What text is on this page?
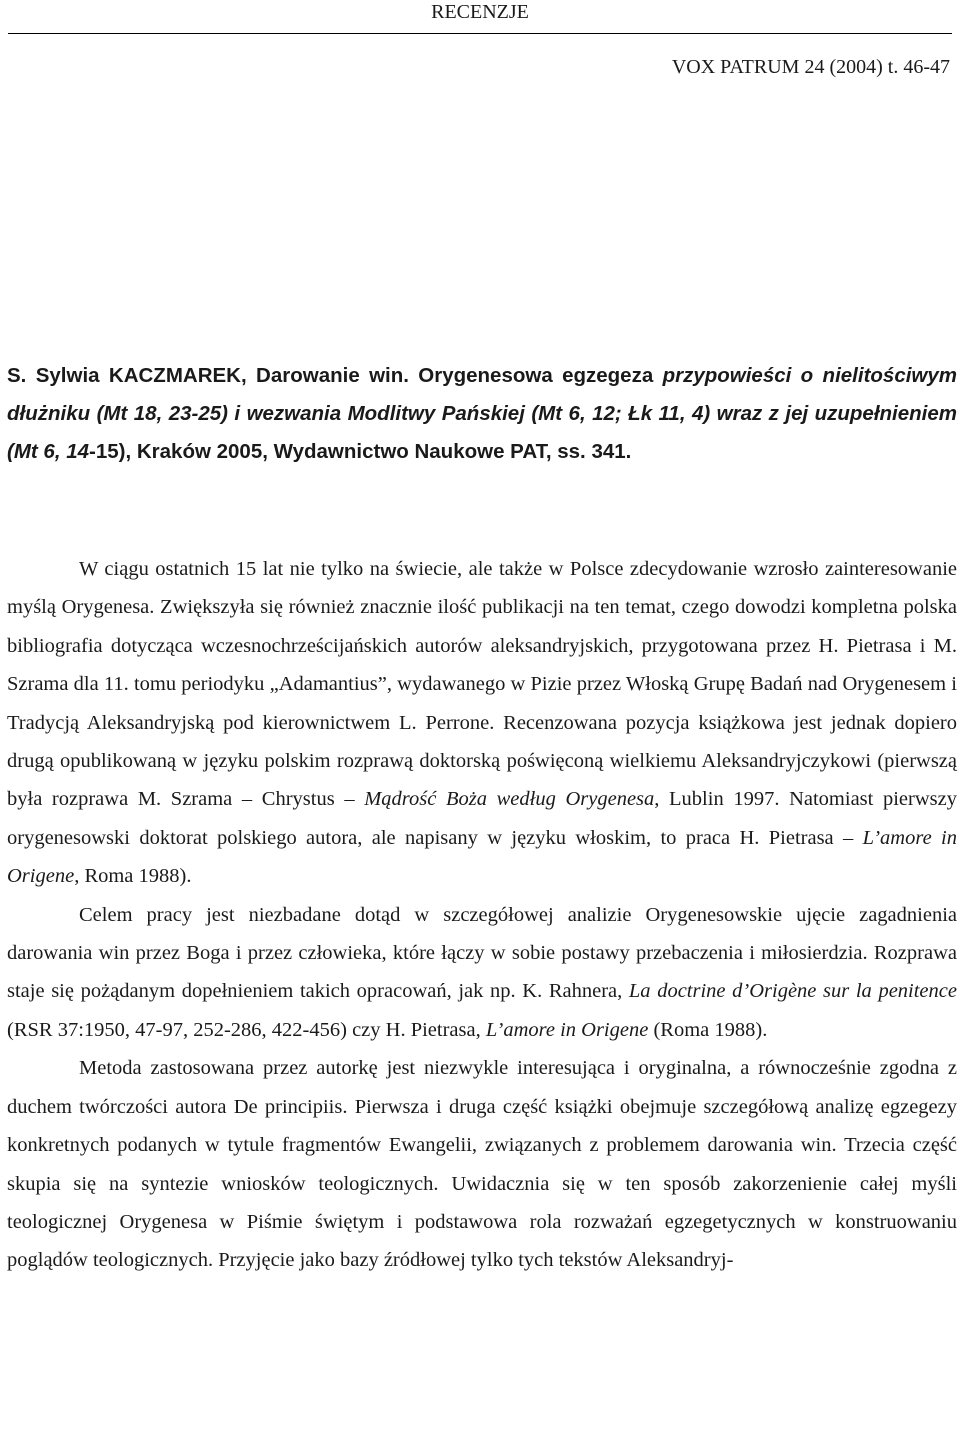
RECENZJE
VOX PATRUM 24 (2004) t. 46-47
S. Sylwia KACZMAREK, Darowanie win. Orygenesowa egzegeza przypowieści o nielitościwym dłużniku (Mt 18, 23-25) i wezwania Modlitwy Pańskiej (Mt 6, 12; Łk 11, 4) wraz z jej uzupełnieniem (Mt 6, 14-15), Kraków 2005, Wydawnictwo Naukowe PAT, ss. 341.

W ciągu ostatnich 15 lat nie tylko na świecie, ale także w Polsce zdecydowanie wzrosło zainteresowanie myślą Orygenesa. Zwiększyła się również znacznie ilość publikacji na ten temat, czego dowodzi kompletna polska bibliografia dotycząca wczesnochrześcijańskich autorów aleksandryjskich, przygotowana przez H. Pietrasa i M. Szrama dla 11. tomu periodyku „Adamantius”, wydawanego w Pizie przez Włoską Grupę Badań nad Orygenesem i Tradycją Aleksandryjską pod kierownictwem L. Perrone. Recenzowana pozycja książkowa jest jednak dopiero drugą opublikowaną w języku polskim rozprawą doktorską poświęconą wielkiemu Aleksandryjczykowi (pierwszą była rozprawa M. Szrama – Chrystus – Mądrość Boża według Orygenesa, Lublin 1997. Natomiast pierwszy orygenesowski doktorat polskiego autora, ale napisany w języku włoskim, to praca H. Pietrasa – L’amore in Origene, Roma 1988).

Celem pracy jest niezbadane dotąd w szczegółowej analizie Orygenesowskie ujęcie zagadnienia darowania win przez Boga i przez człowieka, które łączy w sobie postawy przebaczenia i miłosierdzia. Rozprawa staje się pożądanym dopełnieniem takich opracowań, jak np. K. Rahnera, La doctrine d’Origène sur la penitence (RSR 37:1950, 47-97, 252-286, 422-456) czy H. Pietrasa, L’amore in Origene (Roma 1988).

Metoda zastosowana przez autorkę jest niezwykle interesująca i oryginalna, a równocześnie zgodna z duchem twórczości autora De principiis. Pierwsza i druga część książki obejmuje szczegółową analizę egzegezy konkretnych podanych w tytule fragmentów Ewangelii, związanych z problemem darowania win. Trzecia część skupia się na syntezie wniosków teologicznych. Uwidacznia się w ten sposób zakorzenienie całej myśli teologicznej Orygenesa w Piśmie świętym i podstawowa rola rozważań egzegetycznych w konstruowaniu poglądów teologicznych. Przyjęcie jako bazy źródłowej tylko tych tekstów Aleksandryj-
